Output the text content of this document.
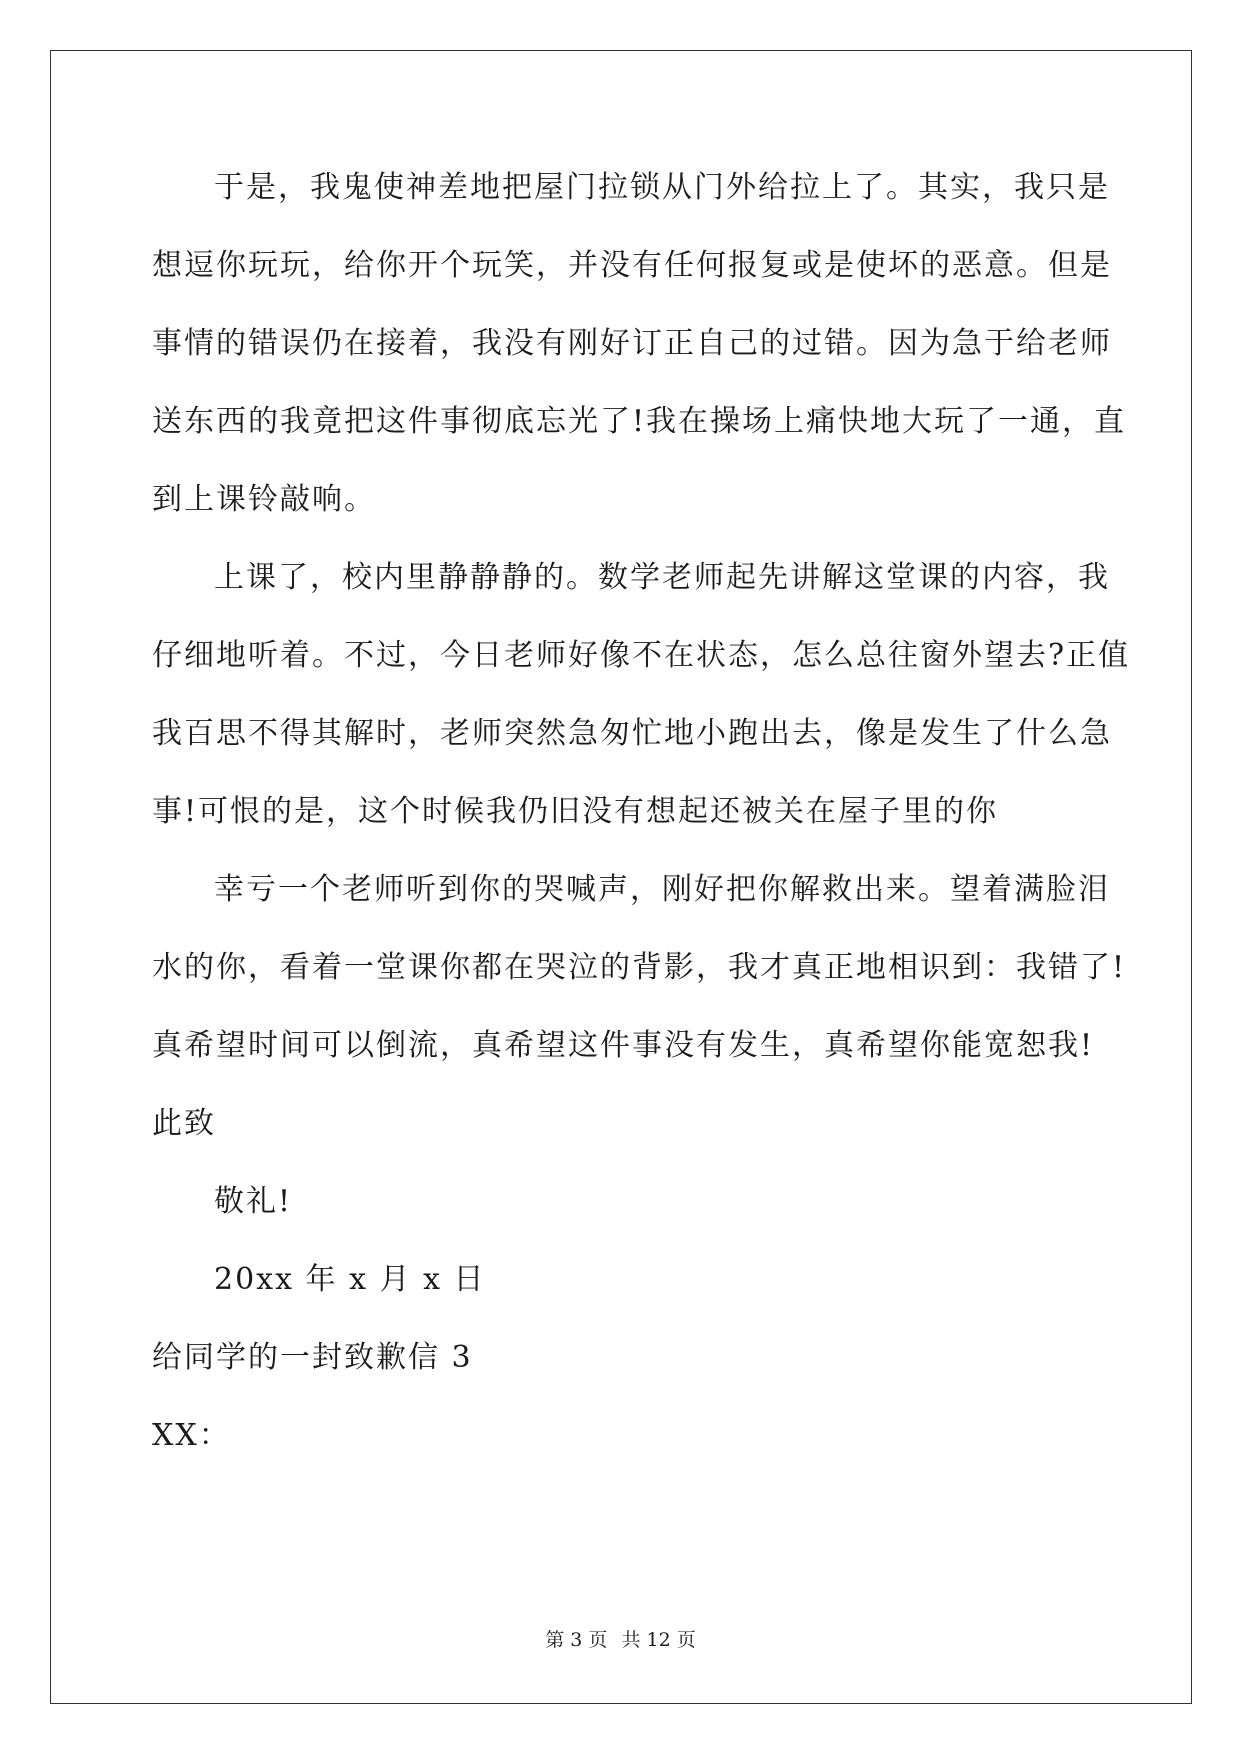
于是，我鬼使神差地把屋门拉锁从门外给拉上了。其实，我只是
想逗你玩玩，给你开个玩笑，并没有任何报复或是使坏的恶意。但是
事情的错误仍在接着，我没有刚好订正自己的过错。因为急于给老师
送东西的我竟把这件事彻底忘光了!我在操场上痛快地大玩了一通，直
到上课铃敲响。
上课了，校内里静静静的。数学老师起先讲解这堂课的内容，我
仔细地听着。不过，今日老师好像不在状态，怎么总往窗外望去?正值
我百思不得其解时，老师突然急匆忙地小跑出去，像是发生了什么急
事!可恨的是，这个时候我仍旧没有想起还被关在屋子里的你
幸亏一个老师听到你的哭喊声，刚好把你解救出来。望着满脸泪
水的你，看着一堂课你都在哭泣的背影，我才真正地相识到：我错了!
真希望时间可以倒流，真希望这件事没有发生，真希望你能宽恕我!
此致
敬礼!
20xx 年 x 月 x 日
给同学的一封致歉信 3
XX：
第 3 页 共 12 页
